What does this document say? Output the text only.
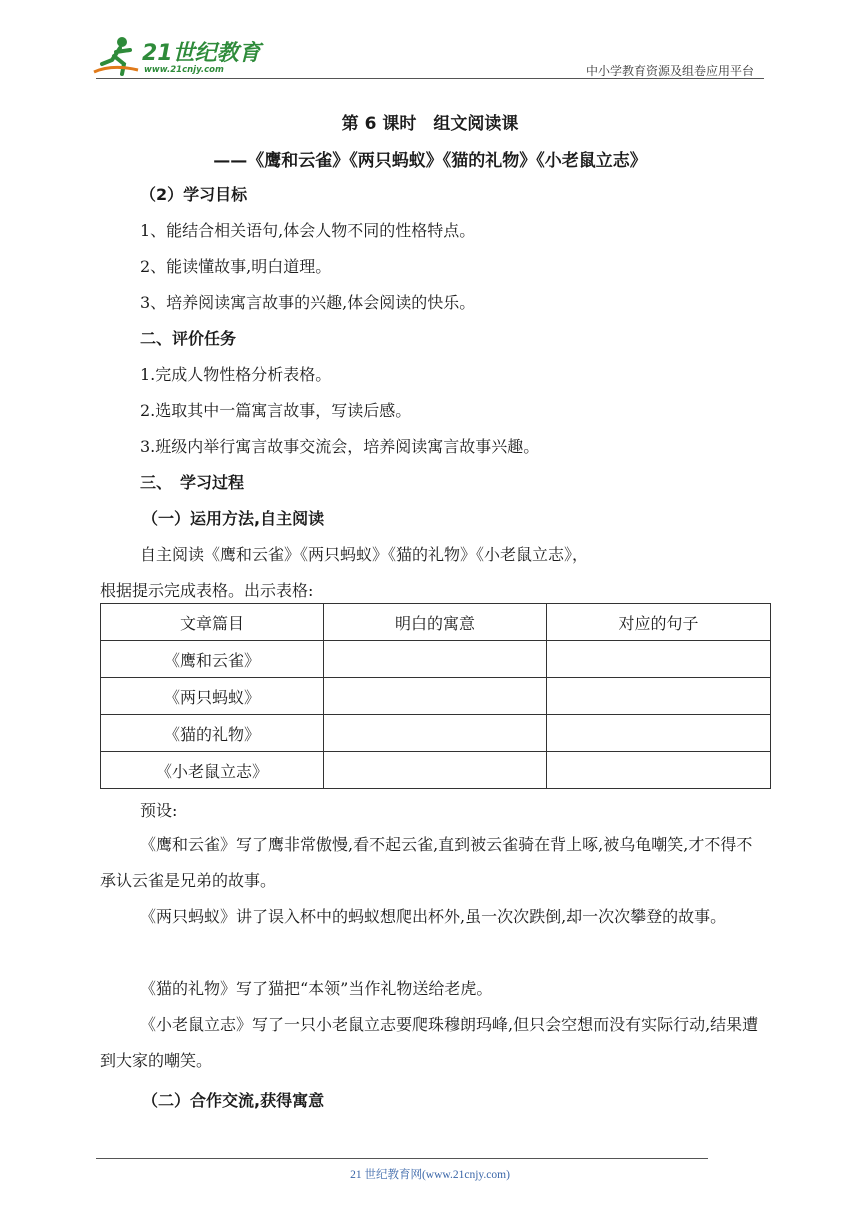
21世纪教育
www.21cnjy.com	中小学教育资源及组卷应用平台
第 6 课时　组文阅读课
——《鹰和云雀》《两只蚂蚁》《猫的礼物》《小老鼠立志》
（2）学习目标
1、能结合相关语句,体会人物不同的性格特点。
2、能读懂故事,明白道理。
3、培养阅读寓言故事的兴趣,体会阅读的快乐。
二、评价任务
1.完成人物性格分析表格。
2.选取其中一篇寓言故事，写读后感。
3.班级内举行寓言故事交流会，培养阅读寓言故事兴趣。
三、　学习过程
（一）运用方法,自主阅读
自主阅读《鹰和云雀》《两只蚂蚁》《猫的礼物》《小老鼠立志》，
根据提示完成表格。出示表格:
文章篇目	明白的寓意	对应的句子
《鹰和云雀》		
《两只蚂蚁》		
《猫的礼物》		
《小老鼠立志》		
预设:
《鹰和云雀》写了鹰非常傲慢,看不起云雀,直到被云雀骑在背上啄,被乌龟嘲笑,才不得不承认云雀是兄弟的故事。
《两只蚂蚁》讲了误入杯中的蚂蚁想爬出杯外,虽一次次跌倒,却一次次攀登的故事。
《猫的礼物》写了猫把“本领”当作礼物送给老虎。
《小老鼠立志》写了一只小老鼠立志要爬珠穆朗玛峰,但只会空想而没有实际行动,结果遭到大家的嘲笑。
（二）合作交流,获得寓意
21 世纪教育网(www.21cnjy.com)
